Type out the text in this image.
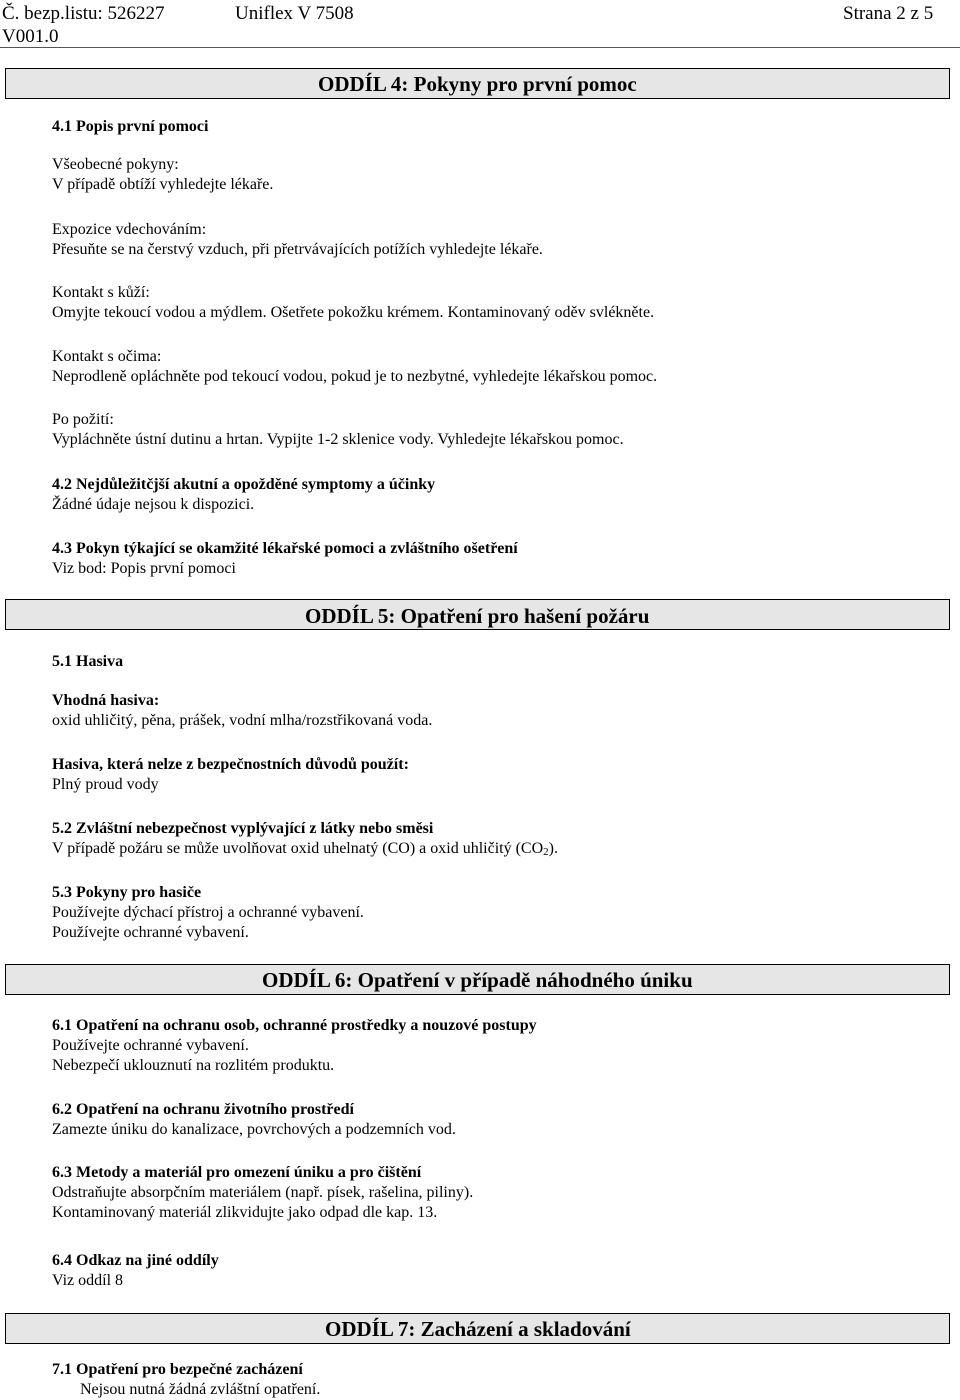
Č. bezp.listu: 526227	Uniflex V 7508	Strana 2 z 5
V001.0
ODDÍL 4: Pokyny pro první pomoc
4.1 Popis první pomoci
Všeobecné pokyny:
V případě obtíží vyhledejte lékaře.
Expozice vdechováním:
Přesuňte se na čerstvý vzduch, při přetrvávajících potížích vyhledejte lékaře.
Kontakt s kůží:
Omyjte tekoucí vodou a mýdlem. Ošetřete pokožku krémem. Kontaminovaný oděv svlékněte.
Kontakt s očima:
Neprodleně opláchněte pod tekoucí vodou, pokud je to nezbytné, vyhledejte lékařskou pomoc.
Po požití:
Vypláchněte ústní dutinu a hrtan. Vypijte 1-2 sklenice vody. Vyhledejte lékařskou pomoc.
4.2 Nejdůležitčjší akutní a opožděné symptomy a účinky
Žádné údaje nejsou k dispozici.
4.3 Pokyn týkající se okamžité lékařské pomoci a zvláštního ošetření
Viz bod: Popis první pomoci
ODDÍL 5: Opatření pro hašení požáru
5.1 Hasiva
Vhodná hasiva:
oxid uhličitý, pěna, prášek, vodní mlha/rozstřikovaná voda.
Hasiva, která nelze z bezpečnostních důvodů použít:
Plný proud vody
5.2 Zvláštní nebezpečnost vyplývající z látky nebo směsi
V případě požáru se může uvolňovat oxid uhelnatý (CO) a oxid uhličitý $(CO_2)$.
5.3 Pokyny pro hasiče
Používejte dýchací přístroj a ochranné vybavení.
Používejte ochranné vybavení.
ODDÍL 6: Opatření v případě náhodného úniku
6.1 Opatření na ochranu osob, ochranné prostředky a nouzové postupy
Používejte ochranné vybavení.
Nebezpečí uklouznutí na rozlitém produktu.
6.2 Opatření na ochranu životního prostředí
Zamezte úniku do kanalizace, povrchových a podzemních vod.
6.3 Metody a materiál pro omezení úniku a pro čištění
Odstraňujte absorpčním materiálem (např. písek, rašelina, piliny).
Kontaminovaný materiál zlikvidujte jako odpad dle kap. 13.
6.4 Odkaz na jiné oddíly
Viz oddíl 8
ODDÍL 7: Zacházení a skladování
7.1 Opatření pro bezpečné zacházení
Nejsou nutná žádná zvláštní opatření.
